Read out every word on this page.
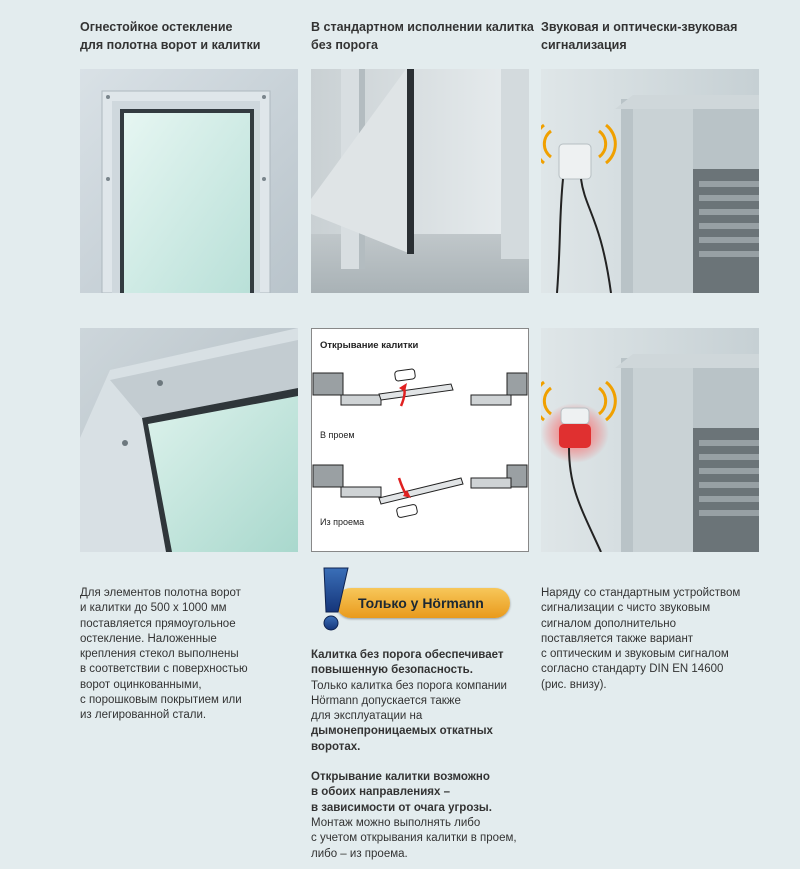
Огнестойкое остекление
для полотна ворот и калитки
В стандартном исполнении калитка
без порога
Звуковая и оптически-звуковая
сигнализация
Открывание калитки
В проем
Из проема
Для элементов полотна ворот
и калитки до 500 x 1000 мм
поставляется прямоугольное
остекление. Наложенные
крепления стекол выполнены
в соответствии с поверхностью
ворот оцинкованными,
с порошковым покрытием или
из легированной стали.
Только у Hörmann
Калитка без порога обеспечивает
повышенную безопасность.
Только калитка без порога компании
Hörmann допускается также
для эксплуатации на
дымонепроницаемых откатных
воротах.
Открывание калитки возможно
в обоих направлениях –
в зависимости от очага угрозы.
Монтаж можно выполнять либо
с учетом открывания калитки в проем,
либо – из проема.
Наряду со стандартным устройством
сигнализации с чисто звуковым
сигналом дополнительно
поставляется также вариант
с оптическим и звуковым сигналом
согласно стандарту DIN EN 14600
(рис. внизу).
